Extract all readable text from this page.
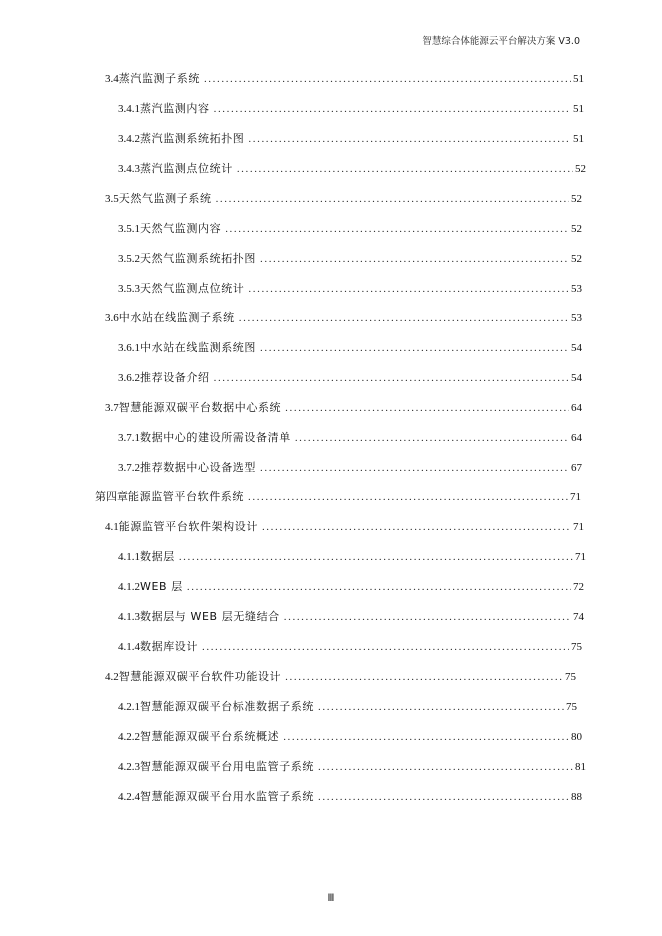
智慧综合体能源云平台解决方案 V3.0
3.4 蒸汽监测子系统 .....	51
3.4.1 蒸汽监测内容 .....	51
3.4.2 蒸汽监测系统拓扑图 .....	51
3.4.3 蒸汽监测点位统计 .....	52
3.5 天然气监测子系统 .....	52
3.5.1 天然气监测内容 .....	52
3.5.2 天然气监测系统拓扑图 .....	52
3.5.3 天然气监测点位统计 .....	53
3.6 中水站在线监测子系统 .....	53
3.6.1 中水站在线监测系统图 .....	54
3.6.2 推荐设备介绍 .....	54
3.7 智慧能源双碳平台数据中心系统 .....	64
3.7.1 数据中心的建设所需设备清单 .....	64
3.7.2 推荐数据中心设备选型 .....	67
第四章 能源监管平台软件系统 .....	71
4.1 能源监管平台软件架构设计 .....	71
4.1.1 数据层 .....	71
4.1.2 WEB 层 .....	72
4.1.3 数据层与 WEB 层无缝结合 .....	74
4.1.4 数据库设计 .....	75
4.2 智慧能源双碳平台软件功能设计 .....	75
4.2.1 智慧能源双碳平台标准数据子系统 .....	75
4.2.2 智慧能源双碳平台系统概述 .....	80
4.2.3 智慧能源双碳平台用电监管子系统 .....	81
4.2.4 智慧能源双碳平台用水监管子系统 .....	88
Ⅲ
